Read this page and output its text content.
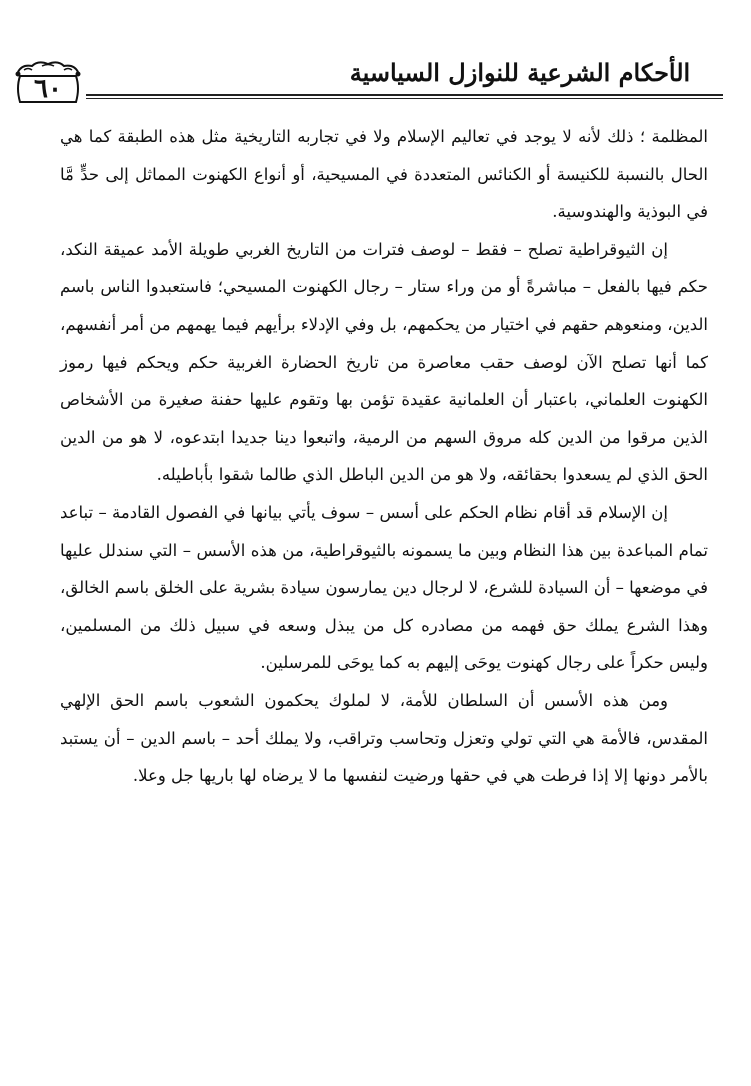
الأحكام الشرعية للنوازل السياسية
٦٠

المظلمة ؛ ذلك لأنه لا يوجد في تعاليم الإسلام ولا في تجاربه التاريخية مثل هذه الطبقة كما هي الحال بالنسبة للكنيسة أو الكنائس المتعددة في المسيحية، أو أنواع الكهنوت المماثل إلى حدٍّ مَّا في البوذية والهندوسية.

إن الثيوقراطية تصلح – فقط – لوصف فترات من التاريخ الغربي طويلة الأمد عميقة النكد، حكم فيها بالفعل – مباشرةً أو من وراء ستار – رجال الكهنوت المسيحي؛ فاستعبدوا الناس باسم الدين، ومنعوهم حقهم في اختيار من يحكمهم، بل وفي الإدلاء برأيهم فيما يهمهم من أمر أنفسهم، كما أنها تصلح الآن لوصف حقب معاصرة من تاريخ الحضارة الغربية حكم ويحكم فيها رموز الكهنوت العلماني، باعتبار أن العلمانية عقيدة تؤمن بها وتقوم عليها حفنة صغيرة من الأشخاص الذين مرقوا من الدين كله مروق السهم من الرمية، واتبعوا دينا جديدا ابتدعوه، لا هو من الدين الحق الذي لم يسعدوا بحقائقه، ولا هو من الدين الباطل الذي طالما شقوا بأباطيله.

إن الإسلام قد أقام نظام الحكم على أسس – سوف يأتي بيانها في الفصول القادمة – تباعد تمام المباعدة بين هذا النظام وبين ما يسمونه بالثيوقراطية، من هذه الأسس – التي سندلل عليها في موضعها – أن السيادة للشرع، لا لرجال دين يمارسون سيادة بشرية على الخلق باسم الخالق، وهذا الشرع يملك حق فهمه من مصادره كل من يبذل وسعه في سبيل ذلك من المسلمين، وليس حكراً على رجال كهنوت يوحَى إليهم به كما يوحَى للمرسلين.

ومن هذه الأسس أن السلطان للأمة، لا لملوك يحكمون الشعوب باسم الحق الإلهي المقدس، فالأمة هي التي تولي وتعزل وتحاسب وتراقب، ولا يملك أحد – باسم الدين – أن يستبد بالأمر دونها إلا إذا فرطت هي في حقها ورضيت لنفسها ما لا يرضاه لها باريها جل وعلا.
